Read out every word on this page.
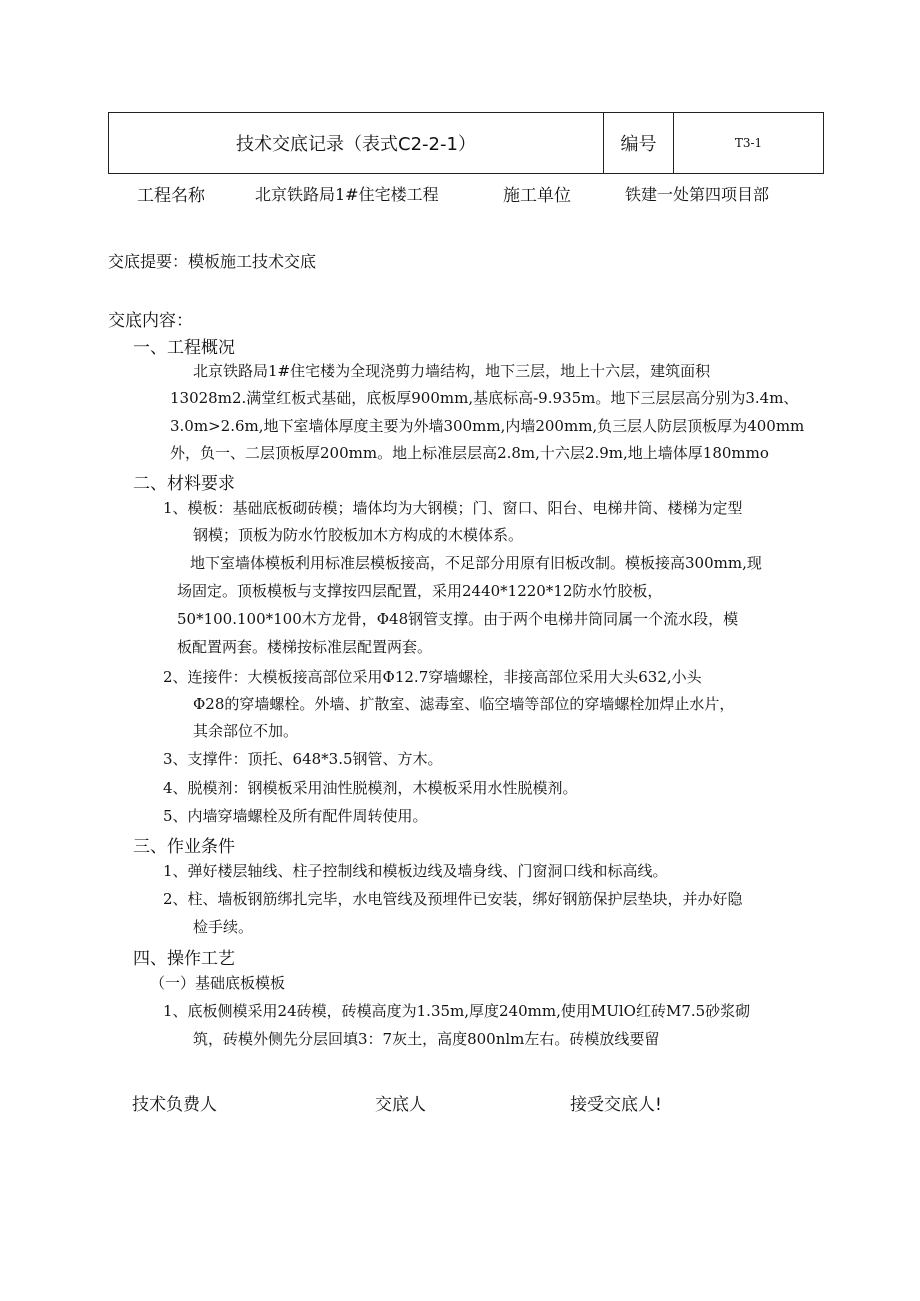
技术交底记录（表式C2-2-1）	编号	T3-1
工程名称	北京铁路局1#住宅楼工程	施工单位	铁建一处第四项目部
交底提要：模板施工技术交底
交底内容：
一、工程概况
北京铁路局1#住宅楼为全现浇剪力墙结构，地下三层，地上十六层，建筑面积
13028m2.满堂红板式基础，底板厚900mm,基底标高-9.935m。地下三层层高分别为3.4m、
3.0m>2.6m,地下室墙体厚度主要为外墙300mm,内墙200mm,负三层人防层顶板厚为400mm
外，负一、二层顶板厚200mm。地上标准层层高2.8m,十六层2.9m,地上墙体厚180mmo
二、材料要求
1、模板：基础底板砌砖模；墙体均为大钢模；门、窗口、阳台、电梯井筒、楼梯为定型
钢模；顶板为防水竹胶板加木方构成的木模体系。
地下室墙体模板利用标准层模板接高，不足部分用原有旧板改制。模板接高300mm,现
场固定。顶板模板与支撑按四层配置，采用2440*1220*12防水竹胶板，
50*100.100*100木方龙骨，Φ48钢管支撑。由于两个电梯井筒同属一个流水段，模
板配置两套。楼梯按标准层配置两套。
2、连接件：大模板接高部位采用Φ12.7穿墙螺栓，非接高部位采用大头632,小头
Φ28的穿墙螺栓。外墙、扩散室、滤毒室、临空墙等部位的穿墙螺栓加焊止水片，
其余部位不加。
3、支撑件：顶托、648*3.5钢管、方木。
4、脱模剂：钢模板采用油性脱模剂，木模板采用水性脱模剂。
5、内墙穿墙螺栓及所有配件周转使用。
三、作业条件
1、弹好楼层轴线、柱子控制线和模板边线及墙身线、门窗洞口线和标高线。
2、柱、墙板钢筋绑扎完毕，水电管线及预埋件已安装，绑好钢筋保护层垫块，并办好隐
检手续。
四、操作工艺
（一）基础底板模板
1、底板侧模采用24砖模，砖模高度为1.35m,厚度240mm,使用MUlO红砖M7.5砂浆砌
筑，砖模外侧先分层回填3：7灰土，高度800nlm左右。砖模放线要留
技术负费人	交底人	接受交底人!
